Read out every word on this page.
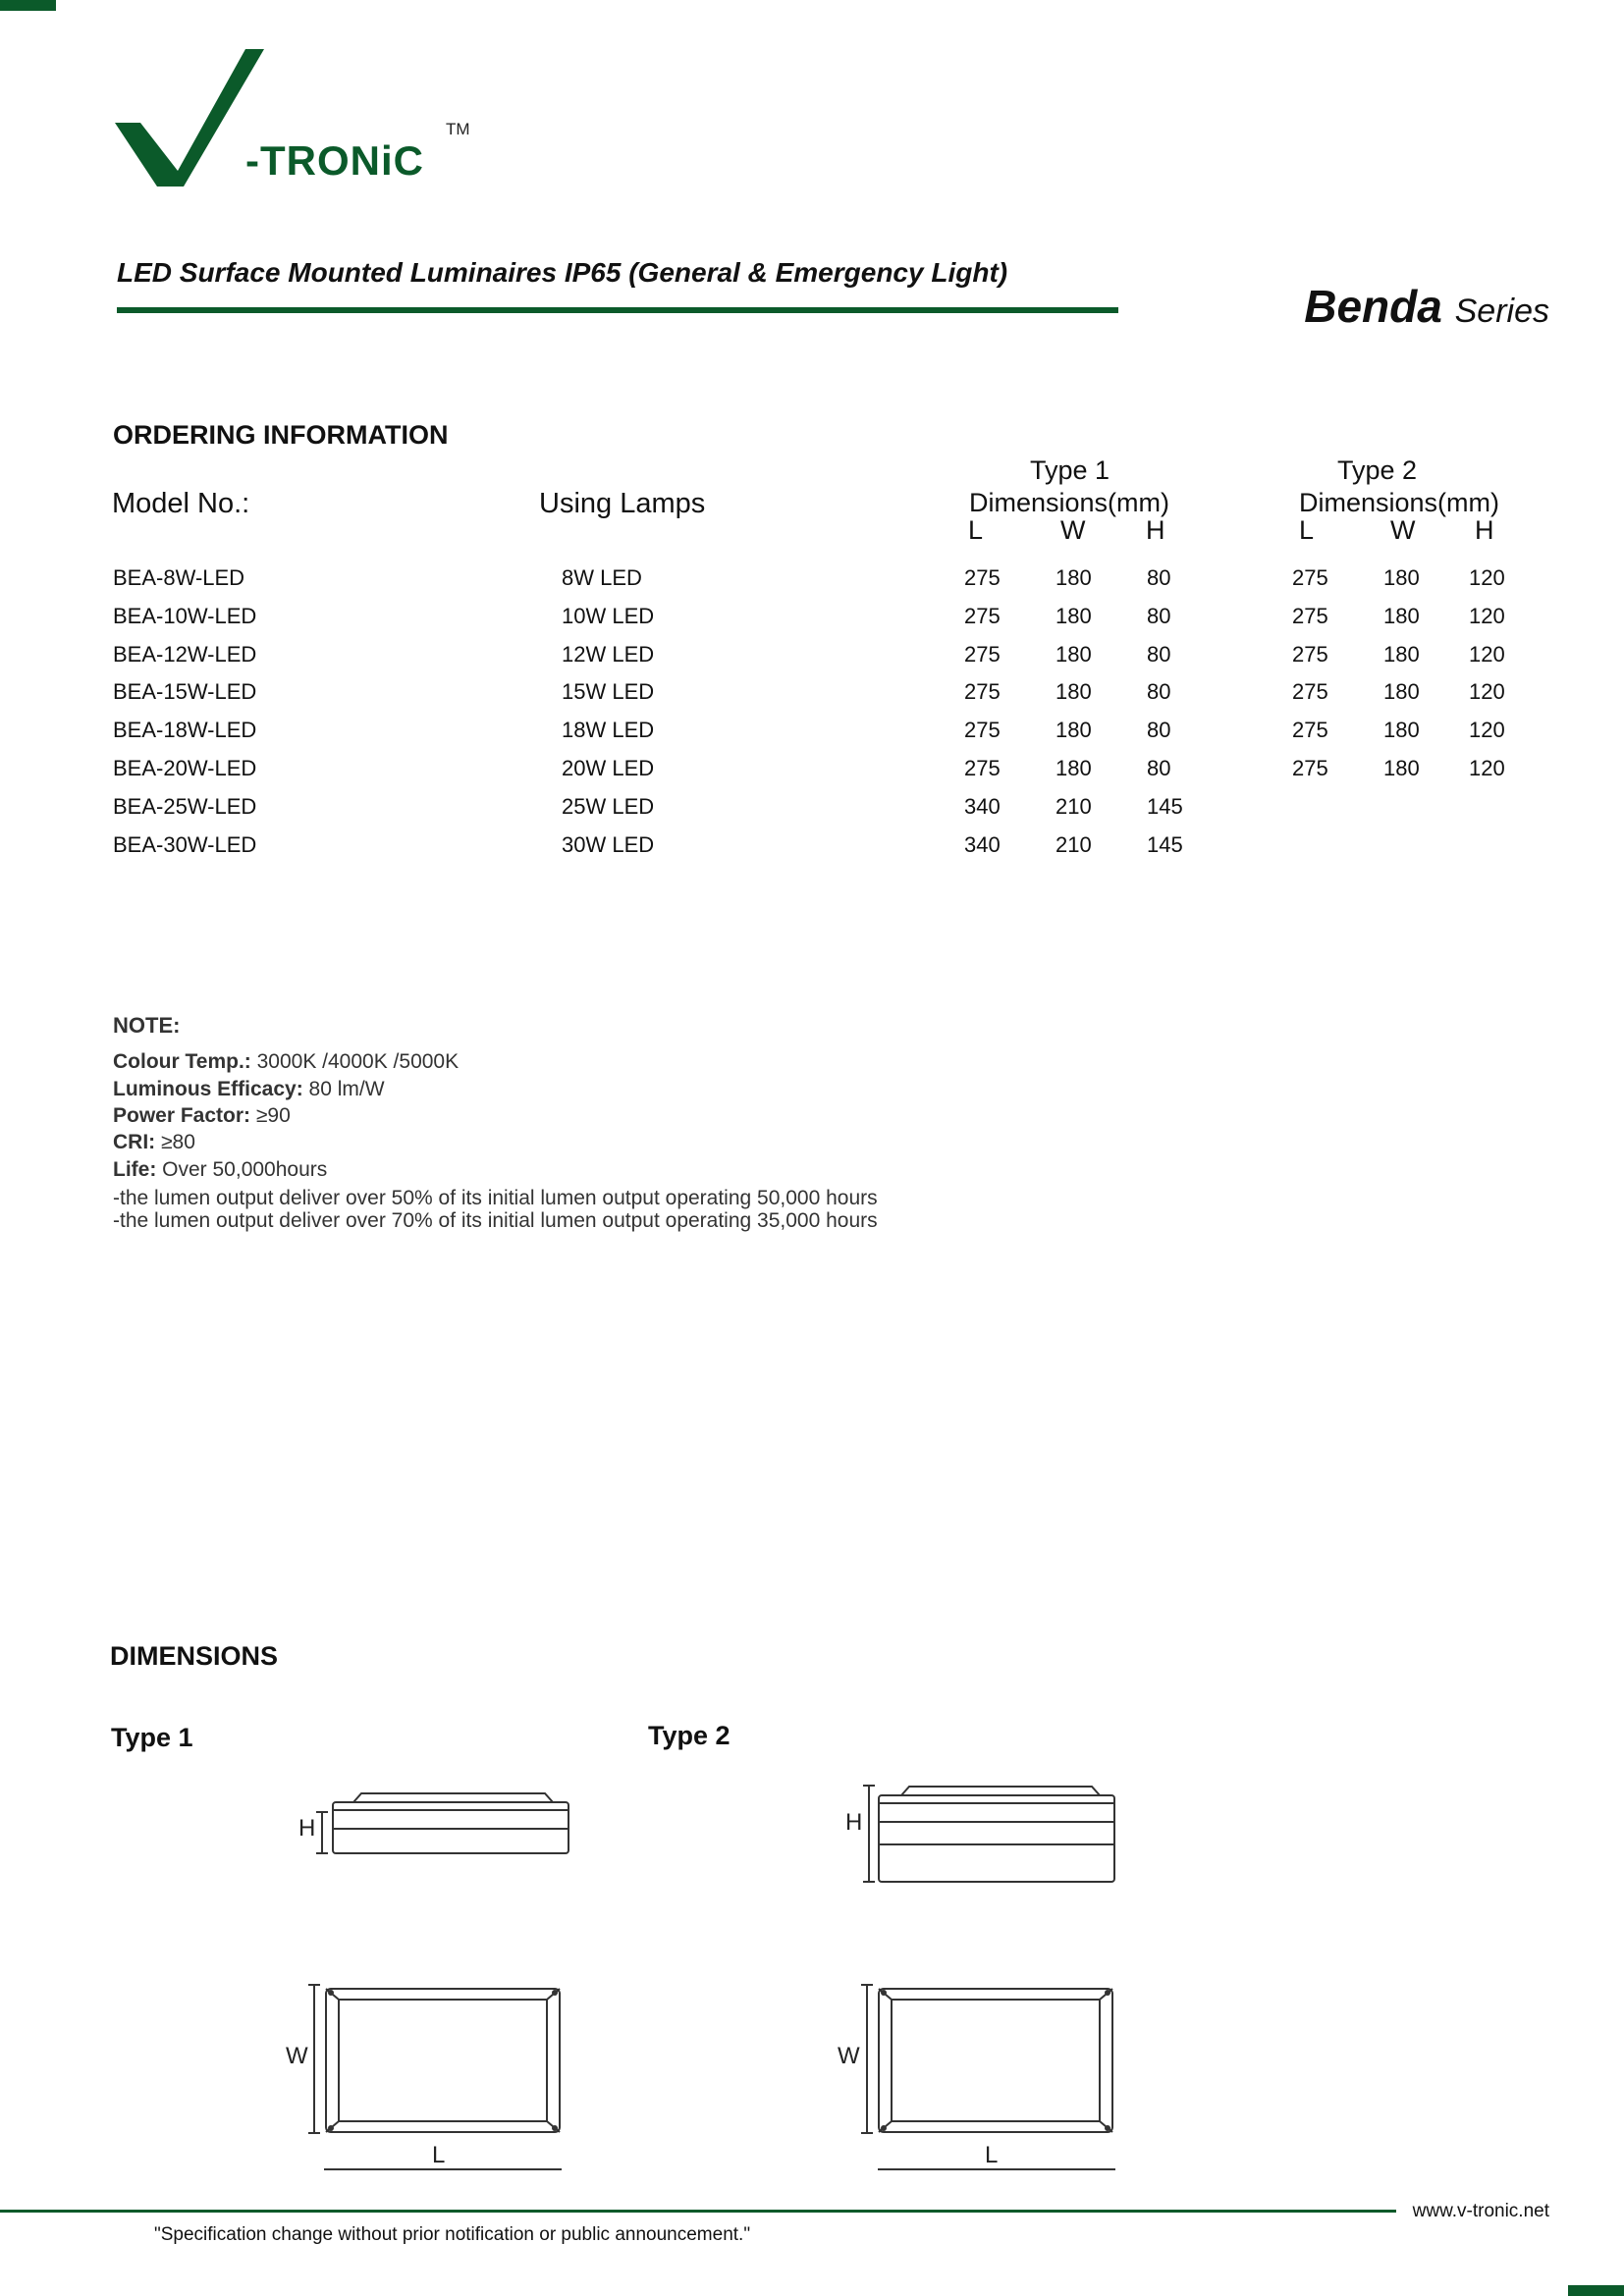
-TRONiC
TM
LED Surface Mounted Luminaires IP65 (General & Emergency Light)
Benda Series
ORDERING INFORMATION
Model No.:	Using Lamps
Type 1
Dimensions(mm)
L	W H
Type 2
Dimensions(mm)
L	W H
BEA-8W-LED	8W LED	275	180	80	275	180 120
BEA-10W-LED	10W LED	275	180	80	275	180 120
BEA-12W-LED	12W LED	275	180	80	275	180 120
BEA-15W-LED	15W LED	275	180	80	275	180 120
BEA-18W-LED	18W LED	275	180	80	275	180 120
BEA-20W-LED	20W LED	275	180	80	275	180 120
BEA-25W-LED	25W LED	340	210	145
BEA-30W-LED	30W LED	340	210	145
NOTE:
Colour Temp.: 3000K /4000K /5000K
Luminous Efficacy: 80 lm/W
Power Factor: ≥90
CRI: ≥80
Life: Over 50,000hours
-the lumen output deliver over 50% of its initial lumen output operating 50,000 hours
-the lumen output deliver over 70% of its initial lumen output operating 35,000 hours
DIMENSIONS
Type 1	Type 2
H	H
W
L
W
L
www.v-tronic.net
"Specification change without prior notification or public announcement."
